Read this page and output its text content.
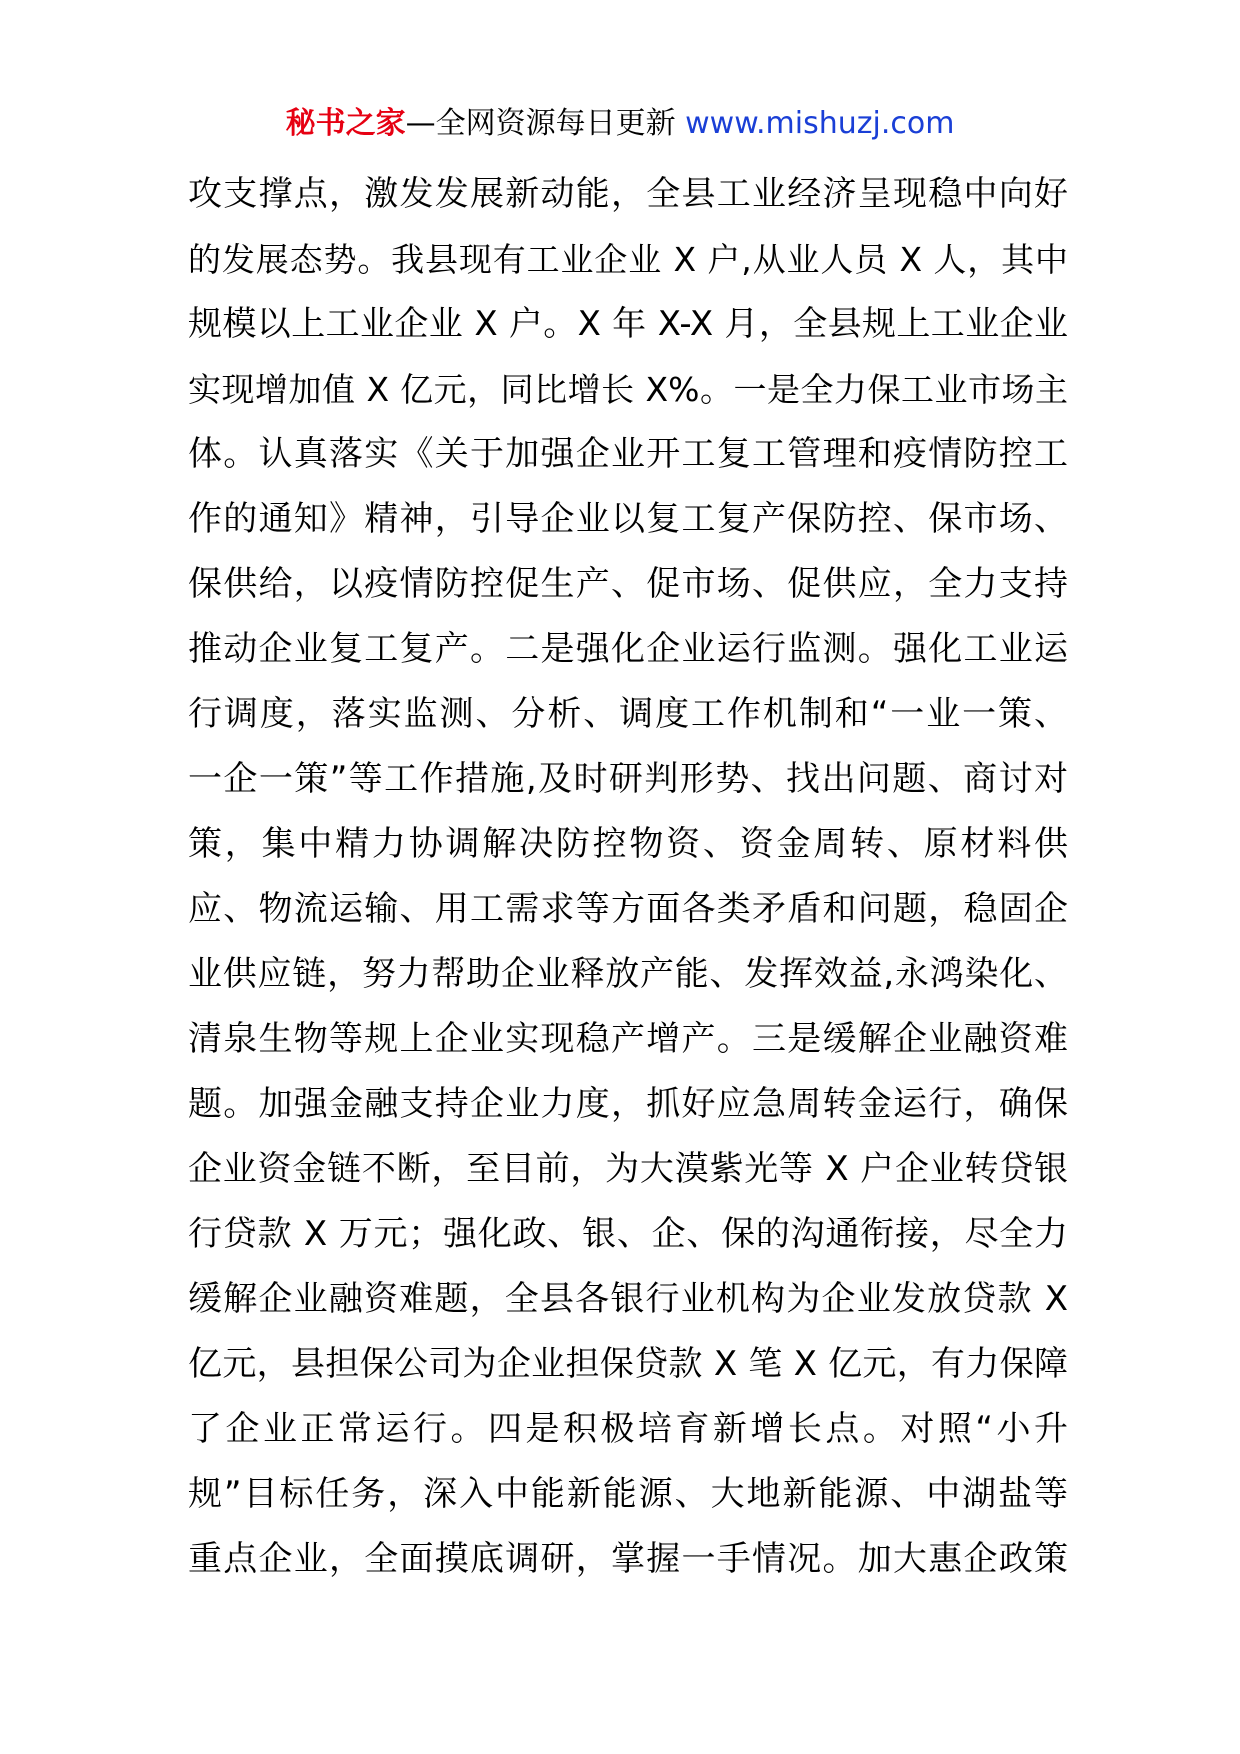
秘书之家—全网资源每日更新 www.mishuzj.com
攻支撑点，激发发展新动能，全县工业经济呈现稳中向好
的发展态势。我县现有工业企业 X 户,从业人员 X 人，其中
规模以上工业企业 X 户。X 年 X-X 月，全县规上工业企业
实现增加值 X 亿元，同比增长 X%。一是全力保工业市场主
体。认真落实《关于加强企业开工复工管理和疫情防控工
作的通知》精神，引导企业以复工复产保防控、保市场、
保供给，以疫情防控促生产、促市场、促供应，全力支持
推动企业复工复产。二是强化企业运行监测。强化工业运
行调度，落实监测、分析、调度工作机制和“一业一策、
一企一策”等工作措施,及时研判形势、找出问题、商讨对
策，集中精力协调解决防控物资、资金周转、原材料供
应、物流运输、用工需求等方面各类矛盾和问题，稳固企
业供应链，努力帮助企业释放产能、发挥效益,永鸿染化、
清泉生物等规上企业实现稳产增产。三是缓解企业融资难
题。加强金融支持企业力度，抓好应急周转金运行，确保
企业资金链不断，至目前，为大漠紫光等 X 户企业转贷银
行贷款 X 万元；强化政、银、企、保的沟通衔接，尽全力
缓解企业融资难题，全县各银行业机构为企业发放贷款 X
亿元，县担保公司为企业担保贷款 X 笔 X 亿元，有力保障
了企业正常运行。四是积极培育新增长点。对照“小升
规”目标任务，深入中能新能源、大地新能源、中湖盐等
重点企业，全面摸底调研，掌握一手情况。加大惠企政策
